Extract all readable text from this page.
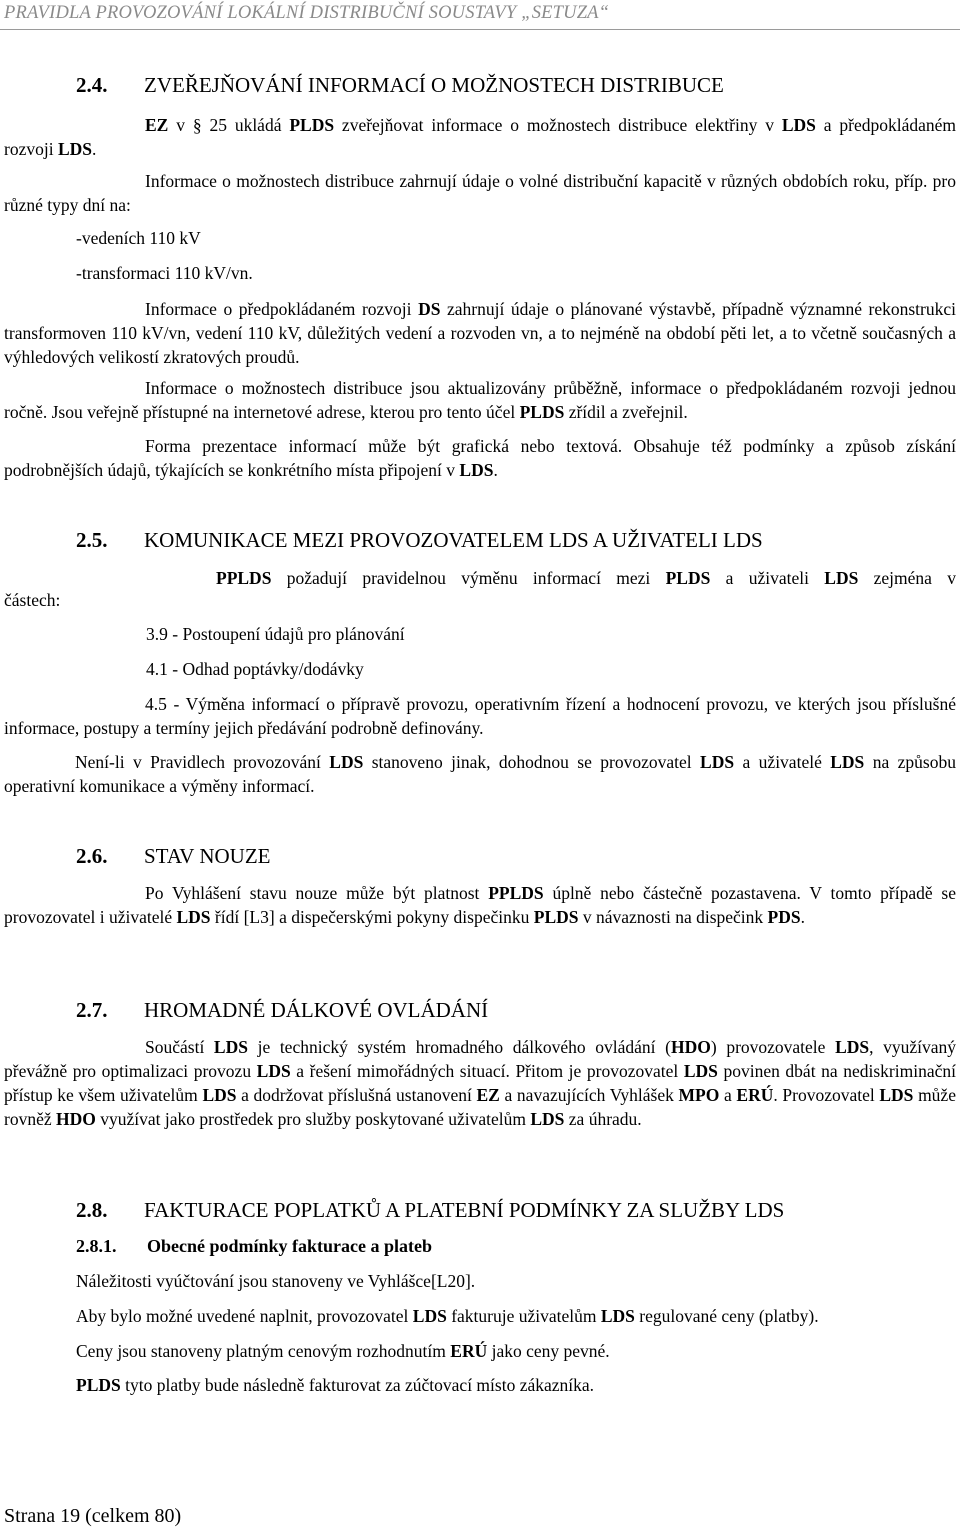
PRAVIDLA PROVOZOVÁNÍ LOKÁLNÍ DISTRIBUČNÍ SOUSTAVY „SETUZA“
2.4. ZVEŘEJŇOVÁNÍ INFORMACÍ O MOŽNOSTECH DISTRIBUCE

EZ v § 25 ukládá PLDS zveřejňovat informace o možnostech distribuce elektřiny v LDS a předpokládaném rozvoji LDS.

Informace o možnostech distribuce zahrnují údaje o volné distribuční kapacitě v různých obdobích roku, příp. pro různé typy dní na:

-vedeních 110 kV
-transformaci 110 kV/vn.

Informace o předpokládaném rozvoji DS zahrnují údaje o plánované výstavbě, případně významné rekonstrukci transformoven 110 kV/vn, vedení 110 kV, důležitých vedení a rozvoden vn, a to nejméně na období pěti let, a to včetně současných a výhledových velikostí zkratových proudů.

Informace o možnostech distribuce jsou aktualizovány průběžně, informace o předpokládaném rozvoji jednou ročně. Jsou veřejně přístupné na internetové adrese, kterou pro tento účel PLDS zřídil a zveřejnil.

Forma prezentace informací může být grafická nebo textová. Obsahuje též podmínky a způsob získání podrobnějších údajů, týkajících se konkrétního místa připojení v LDS.

2.5. KOMUNIKACE MEZI PROVOZOVATELEM LDS A UŽIVATELI LDS

PPLDS požadují pravidelnou výměnu informací mezi PLDS a uživateli LDS zejména v

částech:
3.9 - Postoupení údajů pro plánování
4.1 - Odhad poptávky/dodávky

4.5 - Výměna informací o přípravě provozu, operativním řízení a hodnocení provozu, ve kterých jsou příslušné informace, postupy a termíny jejich předávání podrobně definovány.

Není-li v Pravidlech provozování LDS stanoveno jinak, dohodnou se provozovatel LDS a uživatelé LDS na způsobu operativní komunikace a výměny informací.

2.6. STAV NOUZE

Po Vyhlášení stavu nouze může být platnost PPLDS úplně nebo částečně pozastavena. V tomto případě se provozovatel i uživatelé LDS řídí [L3] a dispečerskými pokyny dispečinku PLDS v návaznosti na dispečink PDS.

2.7. HROMADNÉ DÁLKOVÉ OVLÁDÁNÍ

Součástí LDS je technický systém hromadného dálkového ovládání (HDO) provozovatele LDS, využívaný převážně pro optimalizaci provozu LDS a řešení mimořádných situací. Přitom je provozovatel LDS povinen dbát na nediskriminační přístup ke všem uživatelům LDS a dodržovat příslušná ustanovení EZ a navazujících Vyhlášek MPO a ERÚ. Provozovatel LDS může rovněž HDO využívat jako prostředek pro služby poskytované uživatelům LDS za úhradu.

2.8. FAKTURACE POPLATKŮ A PLATEBNÍ PODMÍNKY ZA SLUŽBY LDS
2.8.1. Obecné podmínky fakturace a plateb
Náležitosti vyúčtování jsou stanoveny ve Vyhlášce[L20].
Aby bylo možné uvedené naplnit, provozovatel LDS fakturuje uživatelům LDS regulované ceny (platby).
Ceny jsou stanoveny platným cenovým rozhodnutím ERÚ jako ceny pevné.
PLDS tyto platby bude následně fakturovat za zúčtovací místo zákazníka.
Strana 19 (celkem 80)
